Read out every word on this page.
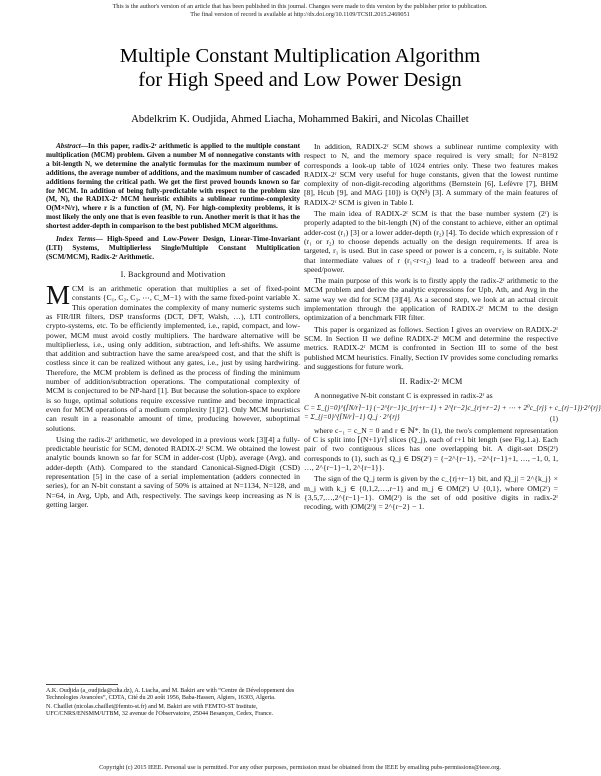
This is the author's version of an article that has been published in this journal. Changes were made to this version by the publisher prior to publication.
The final version of record is available at http://dx.doi.org/10.1109/TCSII.2015.2469051
Multiple Constant Multiplication Algorithm
for High Speed and Low Power Design
Abdelkrim K. Oudjida, Ahmed Liacha, Mohammed Bakiri, and Nicolas Chaillet

Abstract—In this paper, radix-2ʳ arithmetic is applied to the multiple constant multiplication (MCM) problem. Given a number M of nonnegative constants with a bit-length N, we determine the analytic formulas for the maximum number of additions, the average number of additions, and the maximum number of cascaded additions forming the critical path. We get the first proved bounds known so far for MCM. In addition of being fully-predictable with respect to the problem size (M, N), the RADIX-2ʳ MCM heuristic exhibits a sublinear runtime-complexity O(M×N/r), where r is a function of (M, N). For high-complexity problems, it is most likely the only one that is even feasible to run. Another merit is that it has the shortest adder-depth in comparison to the best published MCM algorithms.

Index Terms— High-Speed and Low-Power Design, Linear-Time-Invariant (LTI) Systems, Multiplierless Single/Multiple Constant Multiplication (SCM/MCM), Radix-2ʳ Arithmetic.

I. Background and Motivation

MCM is an arithmetic operation that multiplies a set of fixed-point constants {C₁, C₂, C₃, ⋯, C_M−1} with the same fixed-point variable X. This operation dominates the complexity of many numeric systems such as FIR/IIR filters, DSP transforms (DCT, DFT, Walsh, …), LTI controllers, crypto-systems, etc. To be efficiently implemented, i.e., rapid, compact, and low-power, MCM must avoid costly multipliers. The hardware alternative will be multiplierless, i.e., using only addition, subtraction, and left-shifts. We assume that addition and subtraction have the same area/speed cost, and that the shift is costless since it can be realized without any gates, i.e., just by using hardwiring. Therefore, the MCM problem is defined as the process of finding the minimum number of addition/subtraction operations. The computational complexity of MCM is conjectured to be NP-hard [1]. But because the solution-space to explore is so huge, optimal solutions require excessive runtime and become impractical even for MCM operations of a medium complexity [1][2]. Only MCM heuristics can result in a reasonable amount of time, producing however, suboptimal solutions.

Using the radix-2ʳ arithmetic, we developed in a previous work [3][4] a fully-predictable heuristic for SCM, denoted RADIX-2ʳ SCM. We obtained the lowest analytic bounds known so far for SCM in adder-cost (Upb), average (Avg), and adder-depth (Ath). Compared to the standard Canonical-Signed-Digit (CSD) representation [5] in the case of a serial implementation (adders connected in series), for an N-bit constant a saving of 50% is attained at N=1134, N=128, and N=64, in Avg, Upb, and Ath, respectively. The savings keep increasing as N is getting larger.

A.K. Oudjida (a_oudjida@cdta.dz), A. Liacha, and M. Bakiri are with “Centre de Développement des Technologies Avancées”, CDTA, Cité du 20 août 1956, Baba-Hassen, Algiers, 16303, Algeria.

N. Chaillet (nicolas.chaillet@femto-st.fr) and M. Bakiri are with FEMTO-ST Institute, UFC/CNRS/ENSMM/UTBM, 32 avenue de l'Observatoire, 25044 Besançon, Cedex, France.

In addition, RADIX-2ʳ SCM shows a sublinear runtime complexity with respect to N, and the memory space required is very small; for N=8192 corresponds a look-up table of 1024 entries only. These two features makes RADIX-2ʳ SCM very useful for huge constants, given that the lowest runtime complexity of non-digit-recoding algorithms (Bernstein [6], Lefèvre [7], BHM [8], Hcub [9], and MAG [10]) is O(N³) [3]. A summary of the main features of RADIX-2ʳ SCM is given in Table I.

The main idea of RADIX-2ʳ SCM is that the base number system (2ʳ) is properly adapted to the bit-length (N) of the constant to achieve, either an optimal adder-cost (r₁) [3] or a lower adder-depth (r₂) [4]. To decide which expression of r (r₁ or r₂) to choose depends actually on the design requirements. If area is targeted, r₁ is used. But in case speed or power is a concern, r₂ is suitable. Note that intermediate values of r (r₁<r<r₂) lead to a tradeoff between area and speed/power.

The main purpose of this work is to firstly apply the radix-2ʳ arithmetic to the MCM problem and derive the analytic expressions for Upb, Ath, and Avg in the same way we did for SCM [3][4]. As a second step, we look at an actual circuit implementation through the application of RADIX-2ʳ MCM to the design optimization of a benchmark FIR filter.

This paper is organized as follows. Section I gives an overview on RADIX-2ʳ SCM. In Section II we define RADIX-2ʳ MCM and determine the respective metrics. RADIX-2ʳ MCM is confronted in Section III to some of the best published MCM heuristics. Finally, Section IV provides some concluding remarks and suggestions for future work.

II. Radix-2ʳ MCM

A nonnegative N-bit constant C is expressed in radix-2ʳ as

C = Σ_{j=0}^{⌈N/r⌉−1} (−2^{r−1}c_{rj+r−1} + 2^{r−2}c_{rj+r−2} + ⋯ + 2⁰c_{rj} + c_{rj−1})·2^{rj}
= Σ_{j=0}^{⌈N/r⌉−1} Q_j · 2^{rj}	(1)

where c₋₁ = c_N = 0 and r ∈ ℕ*. In (1), the two's complement representation of C is split into ⌈(N+1)/r⌉ slices (Q_j), each of r+1 bit length (see Fig.1.a). Each pair of two contiguous slices has one overlapping bit. A digit-set DS(2ʳ) corresponds to (1), such as Q_j ∈ DS(2ʳ) = {−2^{r−1}, −2^{r−1}+1, …, −1, 0, 1, …, 2^{r−1}−1, 2^{r−1}}.

The sign of the Q_j term is given by the c_{rj+r−1} bit, and |Q_j| = 2^{k_j} × m_j with k_j ∈ {0,1,2,…,r−1} and m_j ∈ OM(2ʳ) ∪ {0,1}, where OM(2ʳ) = {3,5,7,…,2^{r−1}−1}. OM(2ʳ) is the set of odd positive digits in radix-2ʳ recoding, with |OM(2ʳ)| = 2^{r−2} − 1.

Copyright (c) 2015 IEEE. Personal use is permitted. For any other purposes, permission must be obtained from the IEEE by emailing pubs-permissions@ieee.org.
